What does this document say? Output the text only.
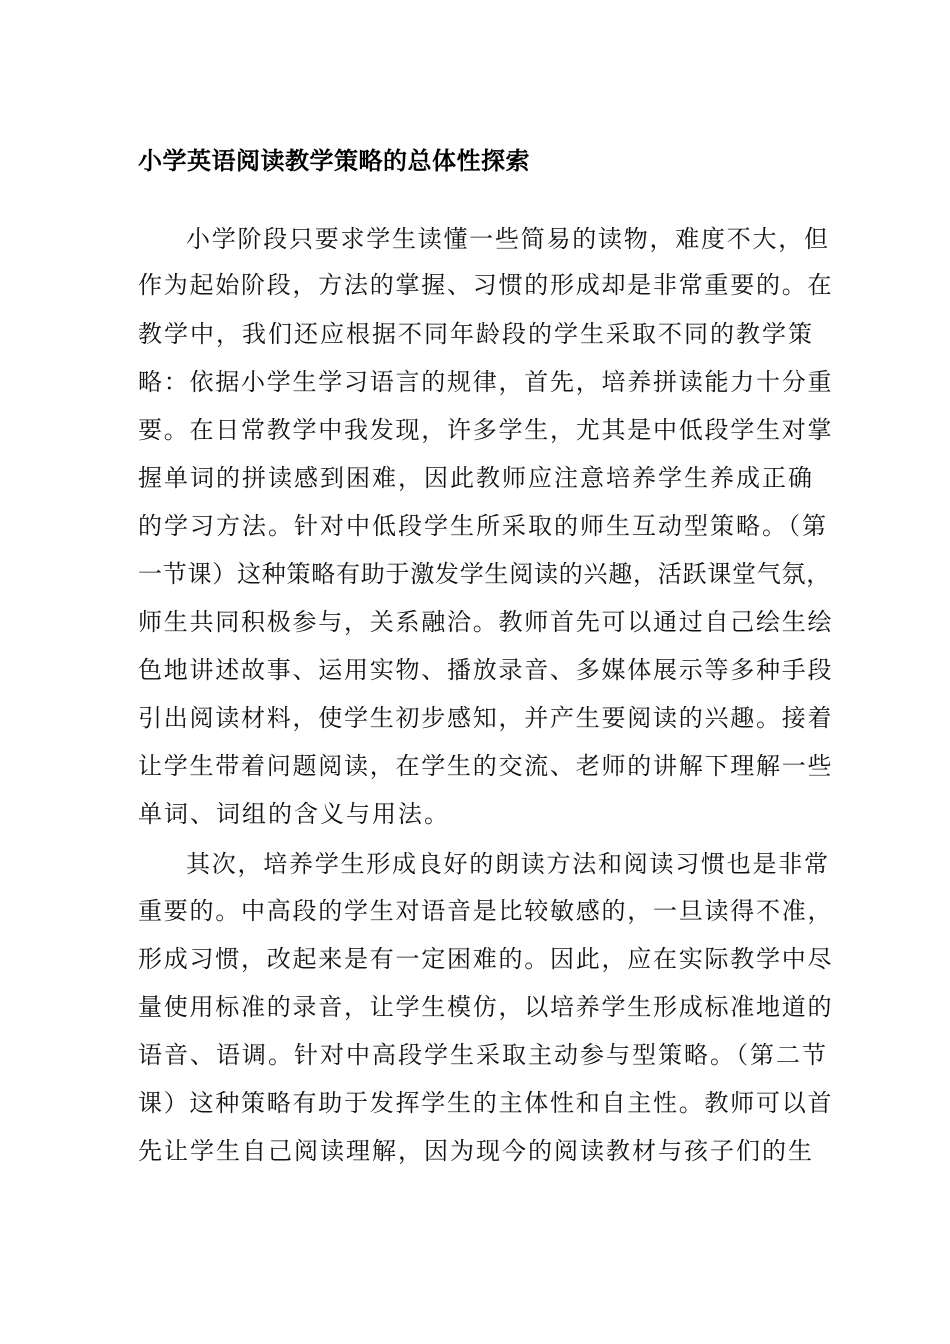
小学英语阅读教学策略的总体性探索
小学阶段只要求学生读懂一些简易的读物，难度不大，但
作为起始阶段，方法的掌握、习惯的形成却是非常重要的。在
教学中，我们还应根据不同年龄段的学生采取不同的教学策
略：依据小学生学习语言的规律，首先，培养拼读能力十分重
要。在日常教学中我发现，许多学生，尤其是中低段学生对掌
握单词的拼读感到困难，因此教师应注意培养学生养成正确
的学习方法。针对中低段学生所采取的师生互动型策略。（第
一节课）这种策略有助于激发学生阅读的兴趣，活跃课堂气氛，
师生共同积极参与，关系融洽。教师首先可以通过自己绘生绘
色地讲述故事、运用实物、播放录音、多媒体展示等多种手段
引出阅读材料，使学生初步感知，并产生要阅读的兴趣。接着
让学生带着问题阅读，在学生的交流、老师的讲解下理解一些
单词、词组的含义与用法。
其次，培养学生形成良好的朗读方法和阅读习惯也是非常
重要的。中高段的学生对语音是比较敏感的，一旦读得不准，
形成习惯，改起来是有一定困难的。因此，应在实际教学中尽
量使用标准的录音，让学生模仿，以培养学生形成标准地道的
语音、语调。针对中高段学生采取主动参与型策略。（第二节
课）这种策略有助于发挥学生的主体性和自主性。教师可以首
先让学生自己阅读理解，因为现今的阅读教材与孩子们的生
